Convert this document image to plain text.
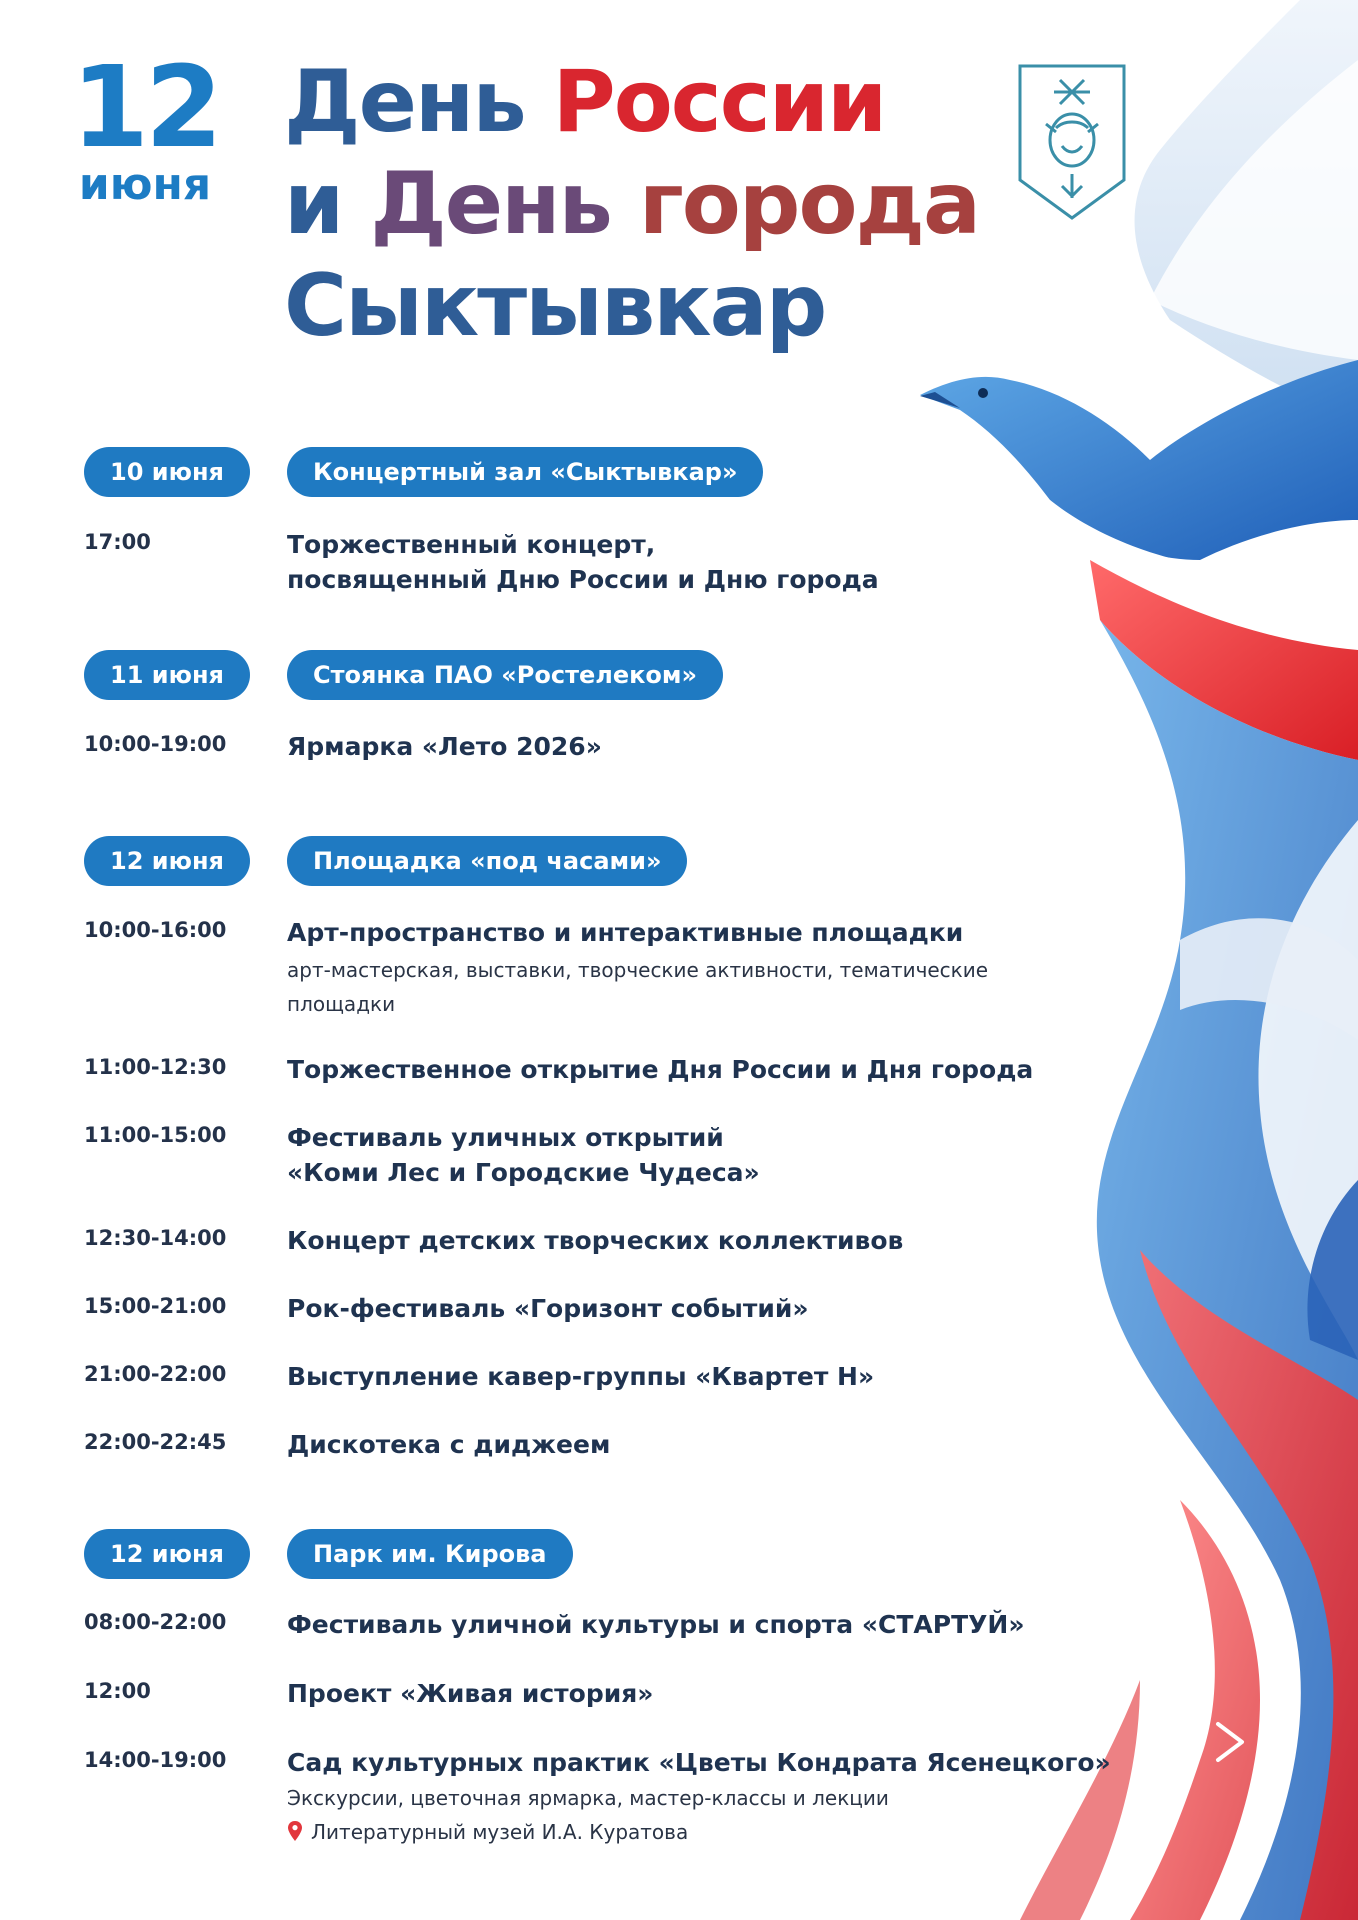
12
июня
День России
и День города
Сыктывкар
10 июня	Концертный зал «Сыктывкар»
17:00	Торжественный концерт,
посвященный Дню России и Дню города
11 июня	Стоянка ПАО «Ростелеком»
10:00-19:00 Ярмарка «Лето 2026»
12 июня	Площадка «под часами»
10:00-16:00 Арт-пространство и интерактивные площадки
арт-мастерская, выставки, творческие активности, тематические
площадки
11:00-12:30 Торжественное открытие Дня России и Дня города
11:00-15:00 Фестиваль уличных открытий
«Коми Лес и Городские Чудеса»
12:30-14:00 Концерт детских творческих коллективов
15:00-21:00 Рок-фестиваль «Горизонт событий»
21:00-22:00 Выступление кавер-группы «Квартет Н»
22:00-22:45 Дискотека с диджеем
12 июня	Парк им. Кирова
08:00-22:00 Фестиваль уличной культуры и спорта «СТАРТУЙ»
12:00	Проект «Живая история»
14:00-19:00 Сад культурных практик «Цветы Кондрата Ясенецкого»
Экскурсии, цветочная ярмарка, мастер-классы и лекции
Литературный музей И.А. Куратова
